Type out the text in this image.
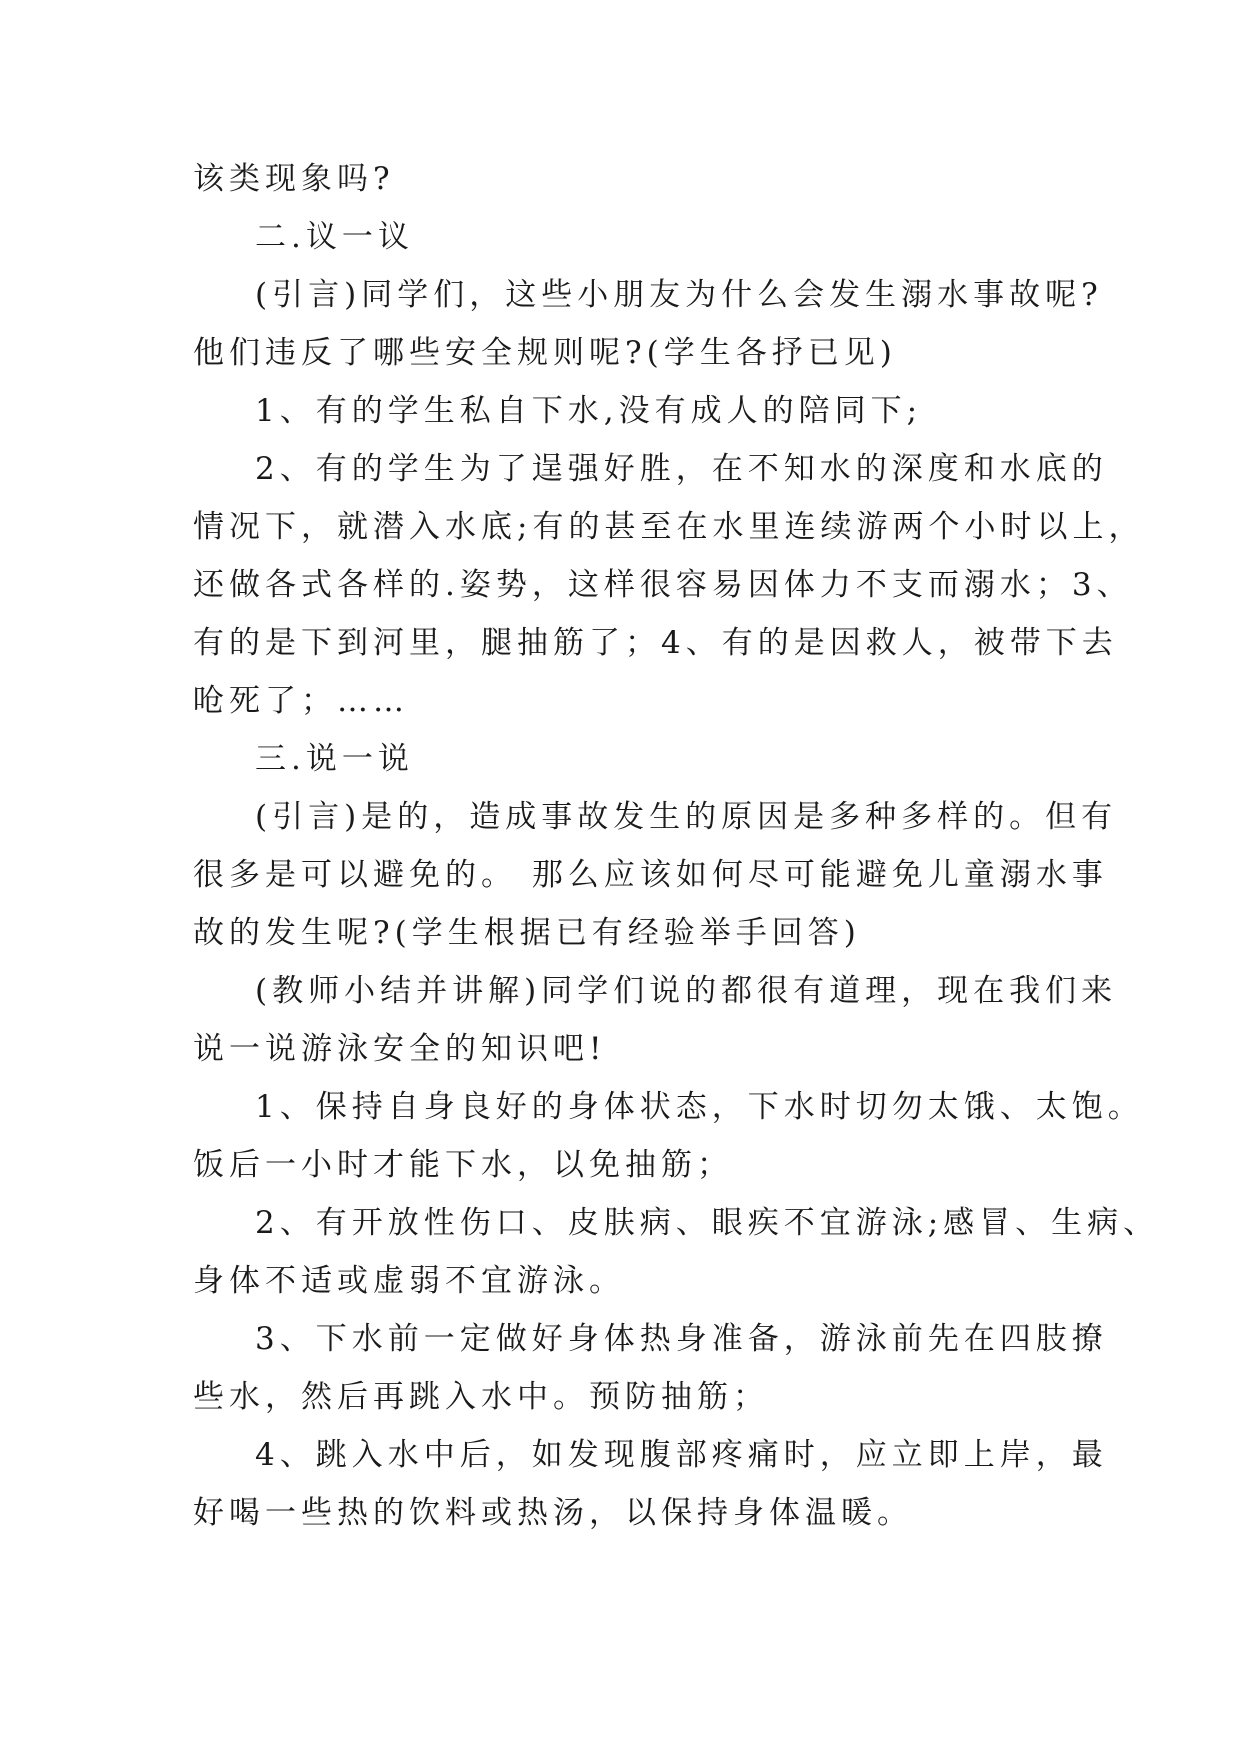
该类现象吗?

二.议一议

(引言)同学们，这些小朋友为什么会发生溺水事故呢?

他们违反了哪些安全规则呢?(学生各抒已见)

1、有的学生私自下水,没有成人的陪同下;

2、有的学生为了逞强好胜，在不知水的深度和水底的

情况下，就潜入水底;有的甚至在水里连续游两个小时以上，

还做各式各样的.姿势，这样很容易因体力不支而溺水；3、

有的是下到河里，腿抽筋了；4、有的是因救人，被带下去

呛死了；……

三.说一说

(引言)是的，造成事故发生的原因是多种多样的。但有

很多是可以避免的。 那么应该如何尽可能避免儿童溺水事

故的发生呢?(学生根据已有经验举手回答)

(教师小结并讲解)同学们说的都很有道理，现在我们来

说一说游泳安全的知识吧!

1、保持自身良好的身体状态，下水时切勿太饿、太饱。

饭后一小时才能下水，以免抽筋；

2、有开放性伤口、皮肤病、眼疾不宜游泳;感冒、生病、

身体不适或虚弱不宜游泳。

3、下水前一定做好身体热身准备，游泳前先在四肢撩

些水，然后再跳入水中。预防抽筋；

4、跳入水中后，如发现腹部疼痛时，应立即上岸，最

好喝一些热的饮料或热汤，以保持身体温暖。
